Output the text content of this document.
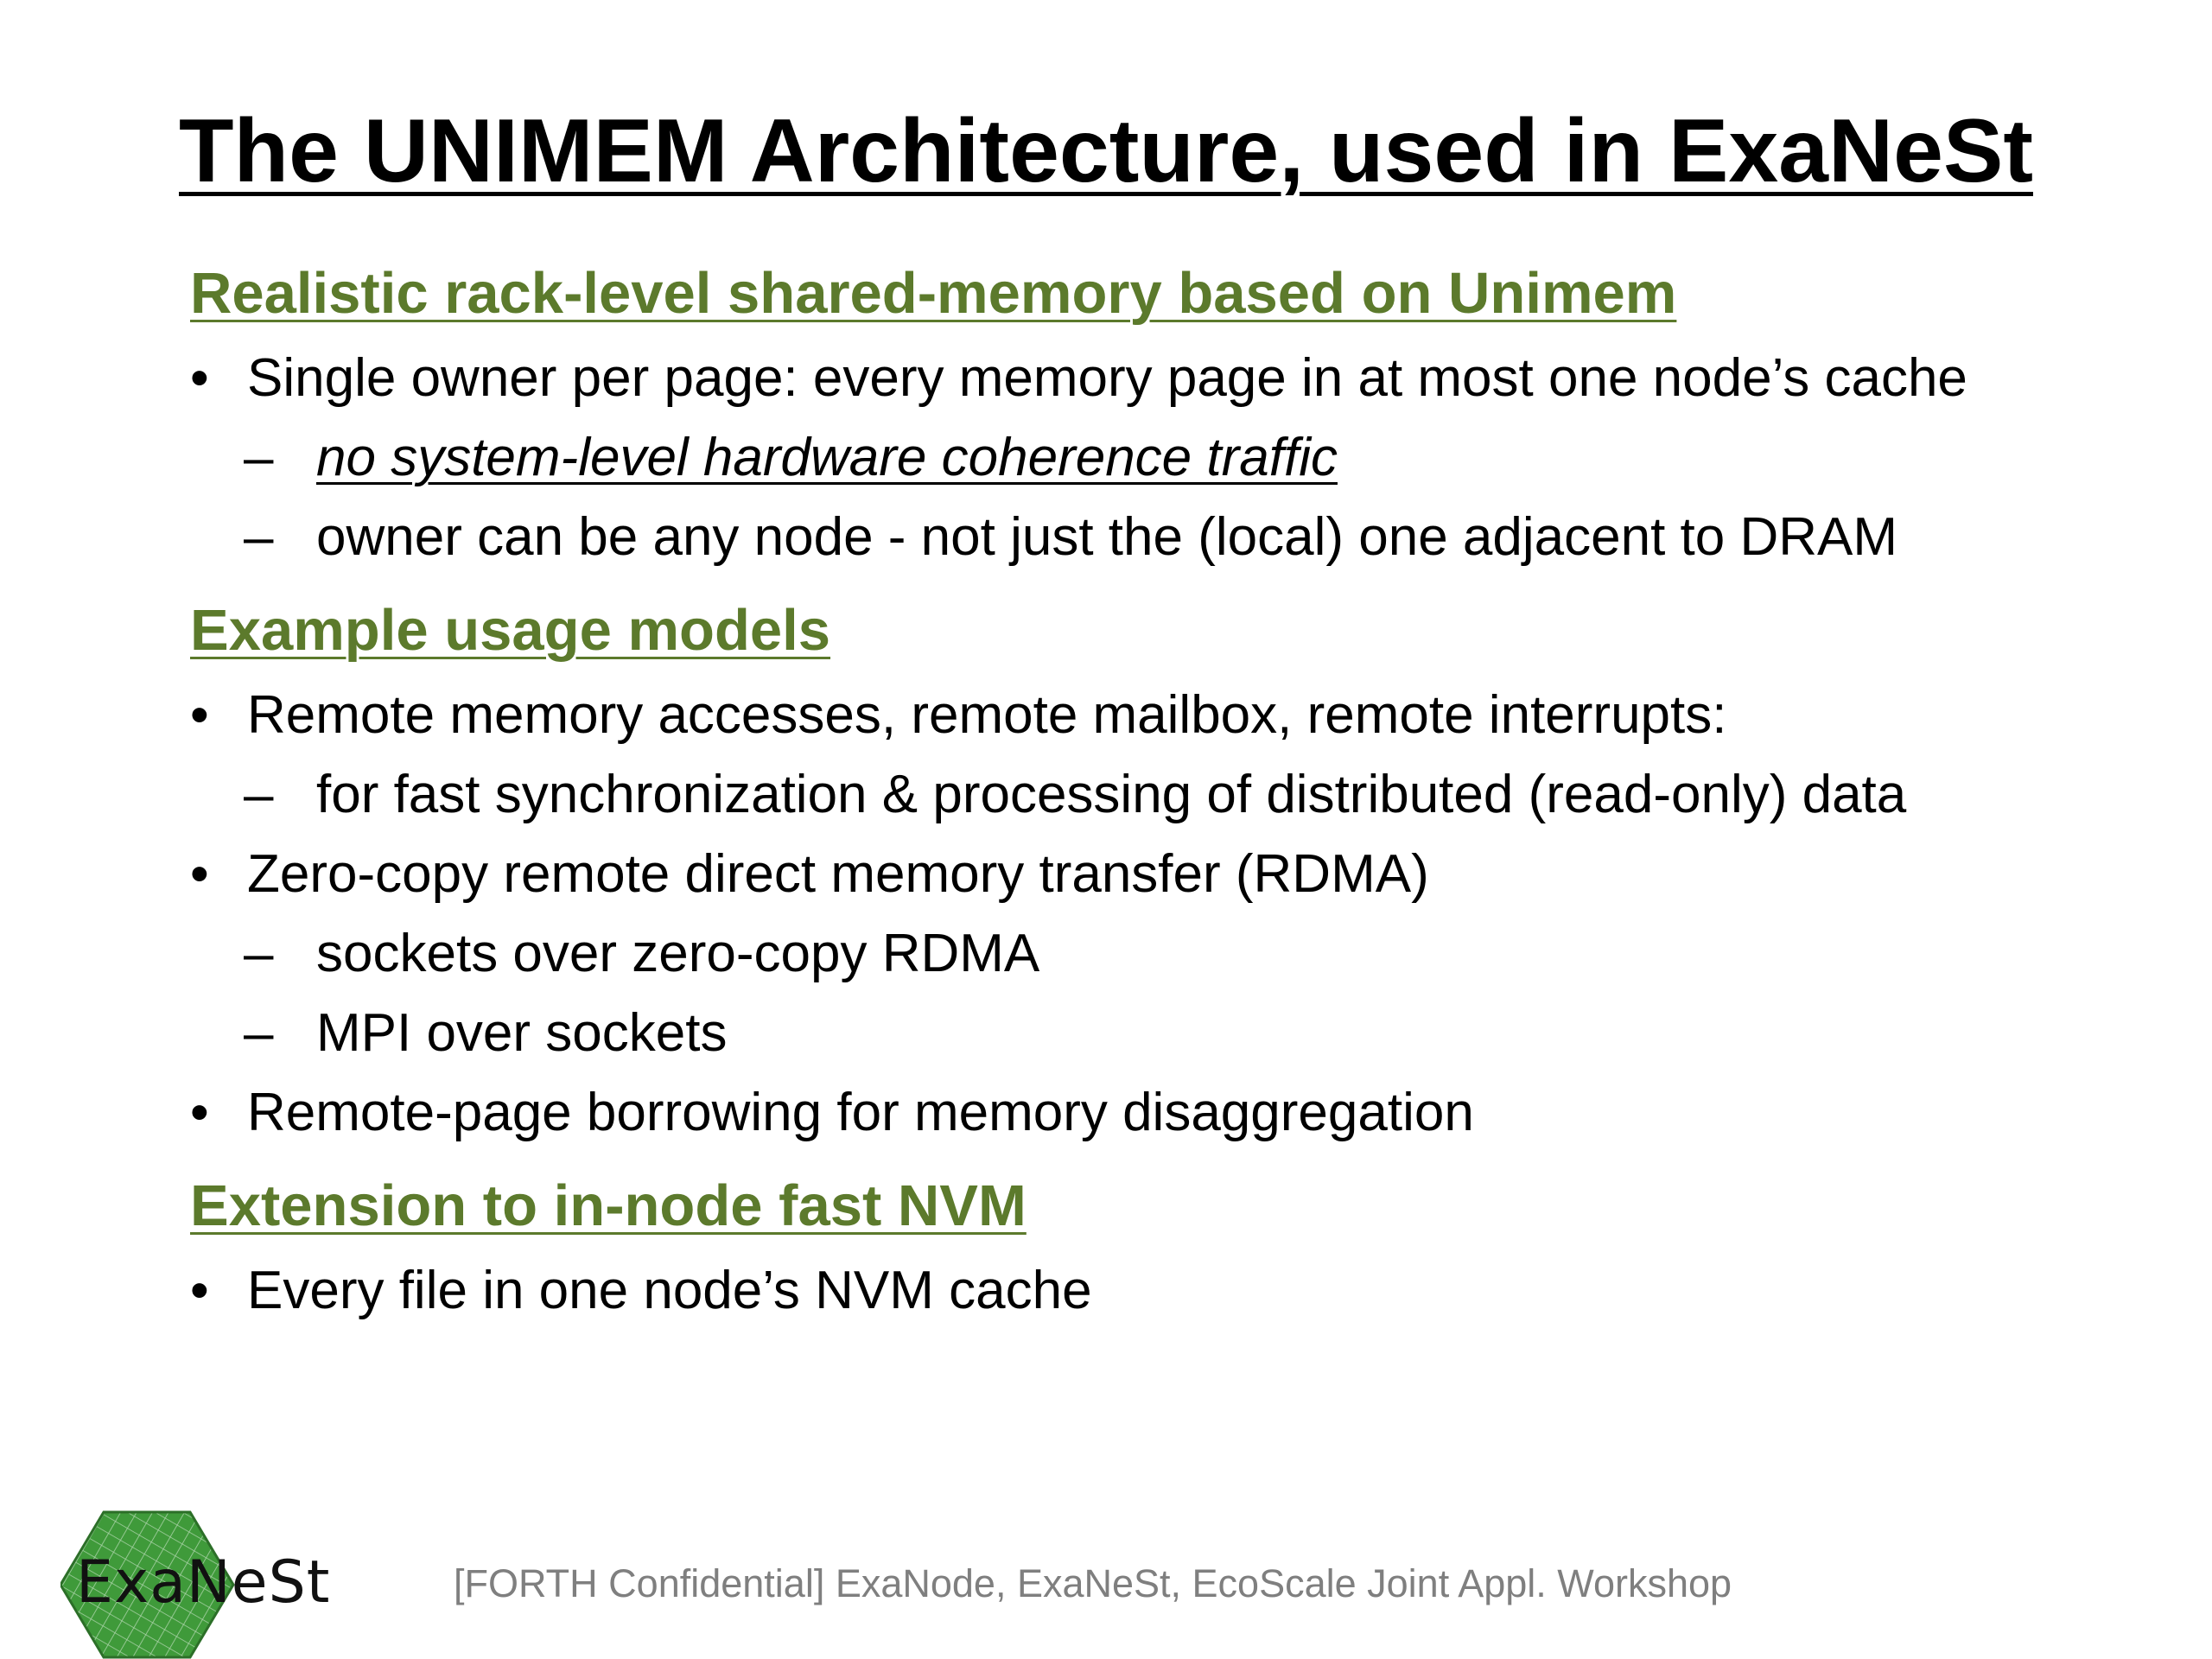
The UNIMEM Architecture, used in ExaNeSt
Realistic rack-level shared-memory based on Unimem
• Single owner per page: every memory page in at most one node’s cache
– no system-level hardware coherence traffic
– owner can be any node - not just the (local) one adjacent to DRAM
Example usage models
• Remote memory accesses, remote mailbox, remote interrupts:
– for fast synchronization & processing of distributed (read-only) data
• Zero-copy remote direct memory transfer (RDMA)
– sockets over zero-copy RDMA
– MPI over sockets
• Remote-page borrowing for memory disaggregation
Extension to in-node fast NVM
• Every file in one node’s NVM cache
ExaNeSt	[FORTH Confidential] ExaNode, ExaNeSt, EcoScale Joint Appl. Workshop
